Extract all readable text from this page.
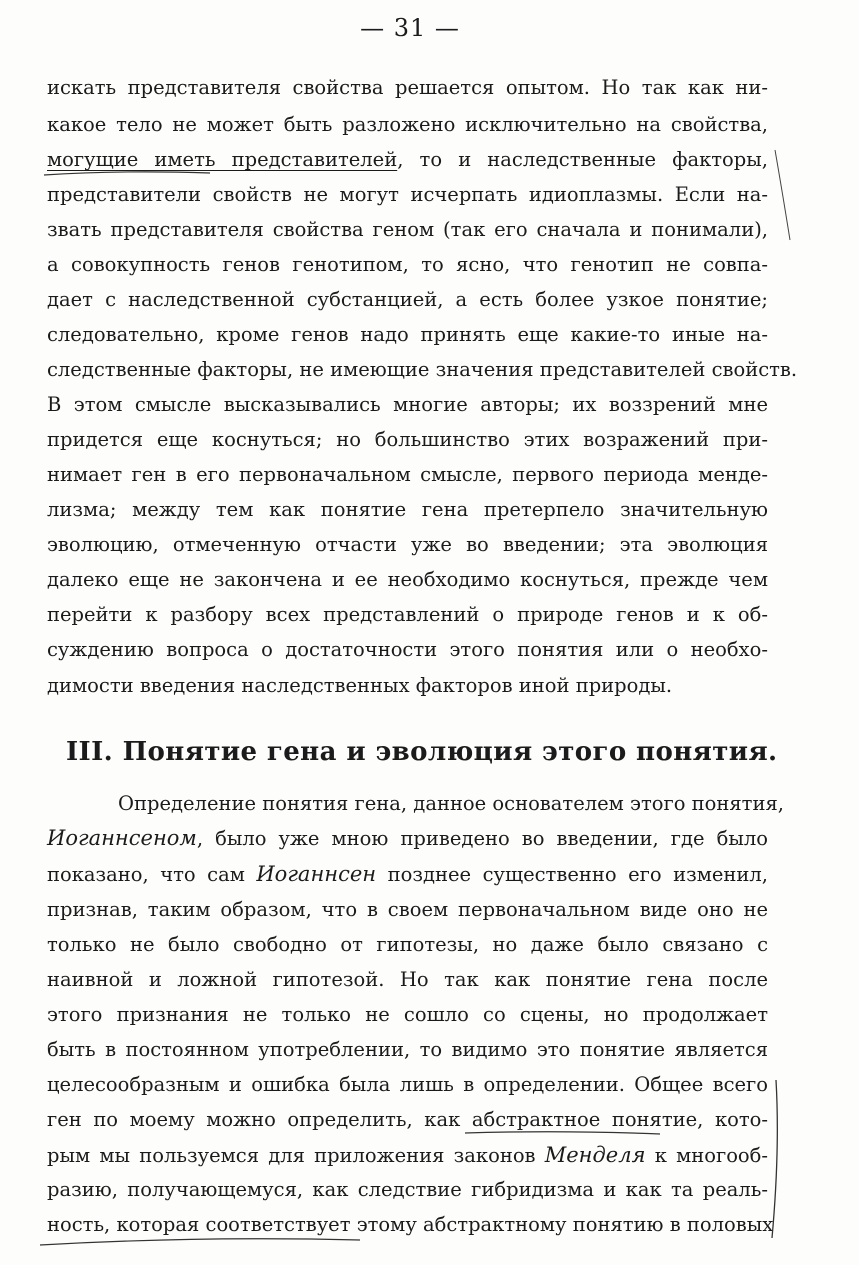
— 31 —
искать представителя свойства решается опытом. Но так как ни-
какое тело не может быть разложено исключительно на свойства,
могущие иметь представителей, то и наследственные факторы,
представители свойств не могут исчерпать идиоплазмы. Если на-
звать представителя свойства геном (так его сначала и понимали),
а совокупность генов генотипом, то ясно, что генотип не совпа-
дает с наследственной субстанцией, а есть более узкое понятие;
следовательно, кроме генов надо принять еще какие-то иные на-
следственные факторы, не имеющие значения представителей свойств.
В этом смысле высказывались многие авторы; их воззрений мне
придется еще коснуться; но большинство этих возражений при-
нимает ген в его первоначальном смысле, первого периода менде-
лизма; между тем как понятие гена претерпело значительную
эволюцию, отмеченную отчасти уже во введении; эта эволюция
далеко еще не закончена и ее необходимо коснуться, прежде чем
перейти к разбору всех представлений о природе генов и к об-
суждению вопроса о достаточности этого понятия или о необхо-
димости введения наследственных факторов иной природы.
III. Понятие гена и эволюция этого понятия.
Определение понятия гена, данное основателем этого понятия,
Иоганнсеном, было уже мною приведено во введении, где было
показано, что сам Иоганнсен позднее существенно его изменил,
признав, таким образом, что в своем первоначальном виде оно не
только не было свободно от гипотезы, но даже было связано с
наивной и ложной гипотезой. Но так как понятие гена после
этого признания не только не сошло со сцены, но продолжает
быть в постоянном употреблении, то видимо это понятие является
целесообразным и ошибка была лишь в определении. Общее всего
ген по моему можно определить, как абстрактное понятие, кото-
рым мы пользуемся для приложения законов Менделя к многооб-
разию, получающемуся, как следствие гибридизма и как та реаль-
ность, которая соответствует этому абстрактному понятию в половых
